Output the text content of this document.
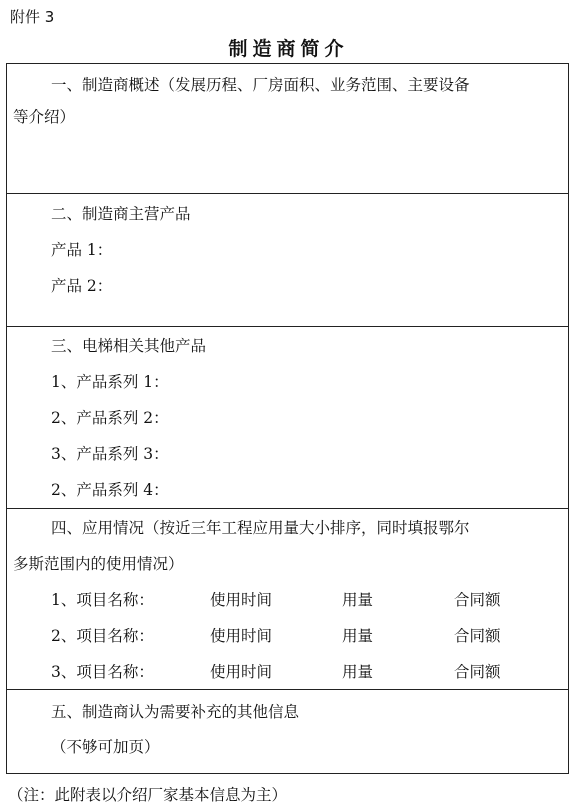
附件 3
制造商简介
一、制造商概述（发展历程、厂房面积、业务范围、主要设备
等介绍）
二、制造商主营产品
产品 1：
产品 2：
三、电梯相关其他产品
1、产品系列 1：
2、产品系列 2：
3、产品系列 3：
2、产品系列 4：
四、应用情况（按近三年工程应用量大小排序，同时填报鄂尔
多斯范围内的使用情况）
1、项目名称：	使用时间	用量	合同额
2、项目名称：	使用时间	用量	合同额
3、项目名称：	使用时间	用量	合同额
五、制造商认为需要补充的其他信息
（不够可加页）
（注：此附表以介绍厂家基本信息为主）
